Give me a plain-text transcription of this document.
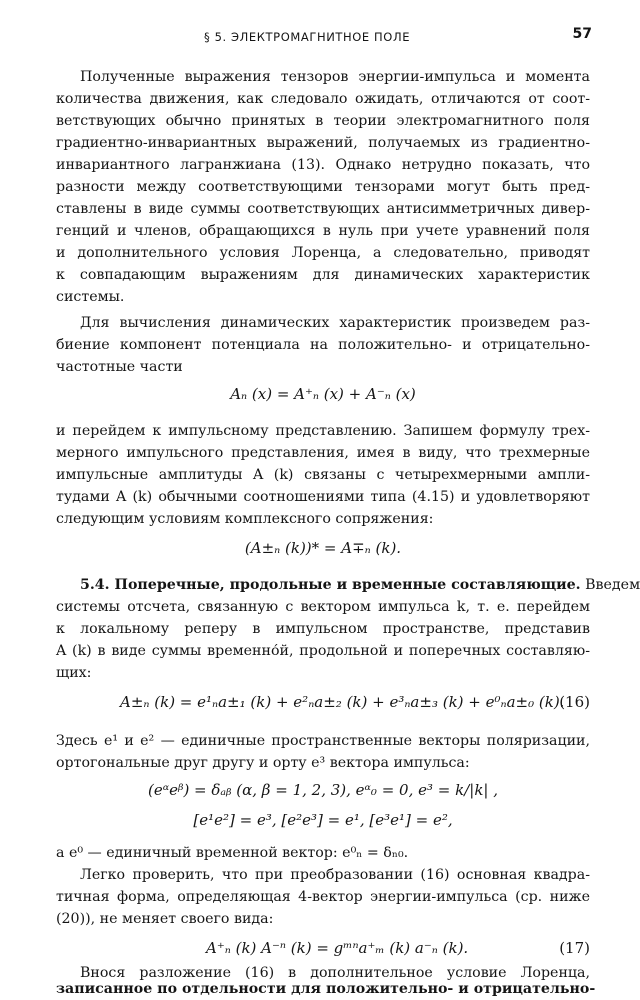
§ 5. ЭЛЕКТРОМАГНИТНОЕ ПОЛЕ	57
Полученные выражения тензоров энергии-импульса и момента
количества движения, как следовало ожидать, отличаются от соот-
ветствующих обычно принятых в теории электромагнитного поля
градиентно-инвариантных выражений, получаемых из градиентно-
инвариантного лагранжиана (13). Однако нетрудно показать, что
разности между соответствующими тензорами могут быть пред-
ставлены в виде суммы соответствующих антисимметричных дивер-
генций и членов, обращающихся в нуль при учете уравнений поля
и дополнительного условия Лоренца, а следовательно, приводят
к совпадающим выражениям для динамических характеристик
системы.
Для вычисления динамических характеристик произведем раз-
биение компонент потенциала на положительно- и отрицательно-
частотные части
Aₙ (x) = A⁺ₙ (x) + A⁻ₙ (x)
и перейдем к импульсному представлению. Запишем формулу трех-
мерного импульсного представления, имея в виду, что трехмерные
импульсные амплитуды A (k) связаны с четырехмерными ампли-
тудами A (k) обычными соотношениями типа (4.15) и удовлетворяют
следующим условиям комплексного сопряжения:
(A±ₙ (k))* = A∓ₙ (k).
5.4. Поперечные, продольные и временные составляющие. Введем
системы отсчета, связанную с вектором импульса k, т. е. перейдем
к локальному реперу в импульсном пространстве, представив
A (k) в виде суммы временно́й, продольной и поперечных составляю-
щих:
A±ₙ (k) = e¹ₙa±₁ (k) + e²ₙa±₂ (k) + e³ₙa±₃ (k) + e⁰ₙa±₀ (k).
(16)
Здесь e¹ и e² — единичные пространственные векторы поляризации,
ортогональные друг другу и орту e³ вектора импульса:
(eᵅeᵝ) = δₐᵦ (α, β = 1, 2, 3), eᵅ₀ = 0, e³ = k/|k| ,
[e¹e²] = e³, [e²e³] = e¹, [e³e¹] = e²,
а e⁰ — единичный временной вектор: e⁰ₙ = δₙ₀.
Легко проверить, что при преобразовании (16) основная квадра-
тичная форма, определяющая 4-вектор энергии-импульса (ср. ниже
(20)), не меняет своего вида:
A⁺ₙ (k) A⁻ⁿ (k) = gᵐⁿa⁺ₘ (k) a⁻ₙ (k).	(17)
Внося разложение (16) в дополнительное условие Лоренца,
записанное по отдельности для положительно- и отрицательно-
